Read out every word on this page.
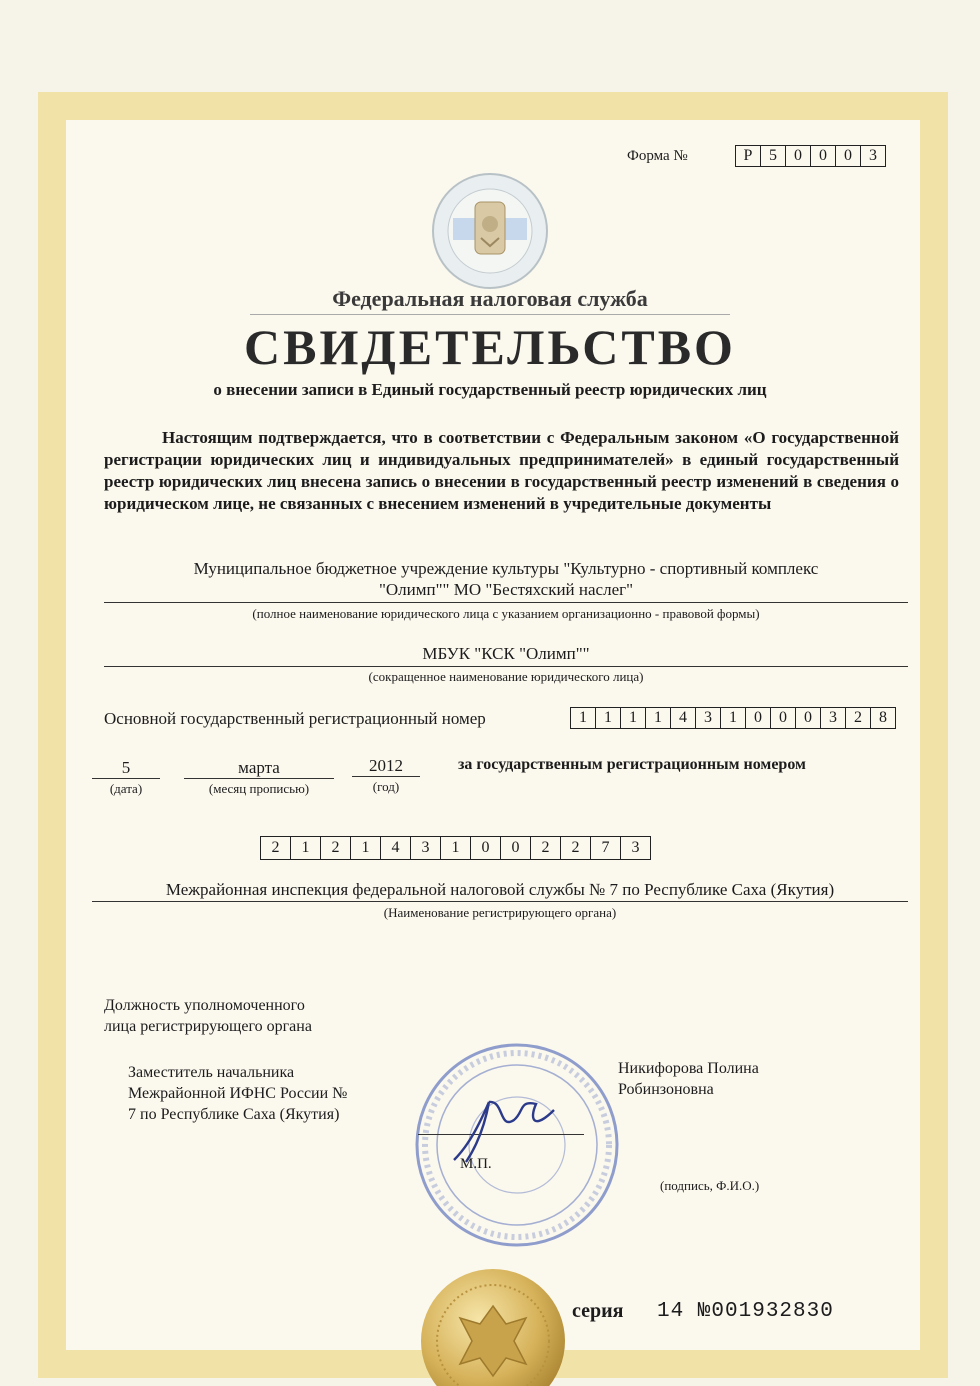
Форма №	Р	5	0	0	0	3
Федеральная налоговая служба
СВИДЕТЕЛЬСТВО
о внесении записи в Единый государственный реестр юридических лиц
Настоящим подтверждается, что в соответствии с Федеральным законом «О государственной регистрации юридических лиц и индивидуальных предпринимателей» в единый государственный реестр юридических лиц внесена запись о внесении в государственный реестр изменений в сведения о юридическом лице, не связанных с внесением изменений в учредительные документы
Муниципальное бюджетное учреждение культуры "Культурно - спортивный комплекс
"Олимп"" МО "Бестяхский наслег"
(полное наименование юридического лица с указанием организационно - правовой формы)
МБУК "КСК "Олимп""
(сокращенное наименование юридического лица)
Основной государственный регистрационный номер	1	1	1	1	4	3	1	0	0	0	3	2	8
5
(дата)
марта
(месяц прописью)
2012
(год)
за государственным регистрационным номером
2	1	2	1	4	3	1	0	0	2	2	7	3
Межрайонная инспекция федеральной налоговой службы № 7 по Республике Саха (Якутия)
(Наименование регистрирующего органа)
Должность уполномоченного
лица регистрирующего органа
Заместитель начальника
Межрайонной ИФНС России №
7 по Республике Саха (Якутия)
Никифорова Полина
Робинзоновна
М.П.
(подпись, Ф.И.О.)
серия 14 №001932830
